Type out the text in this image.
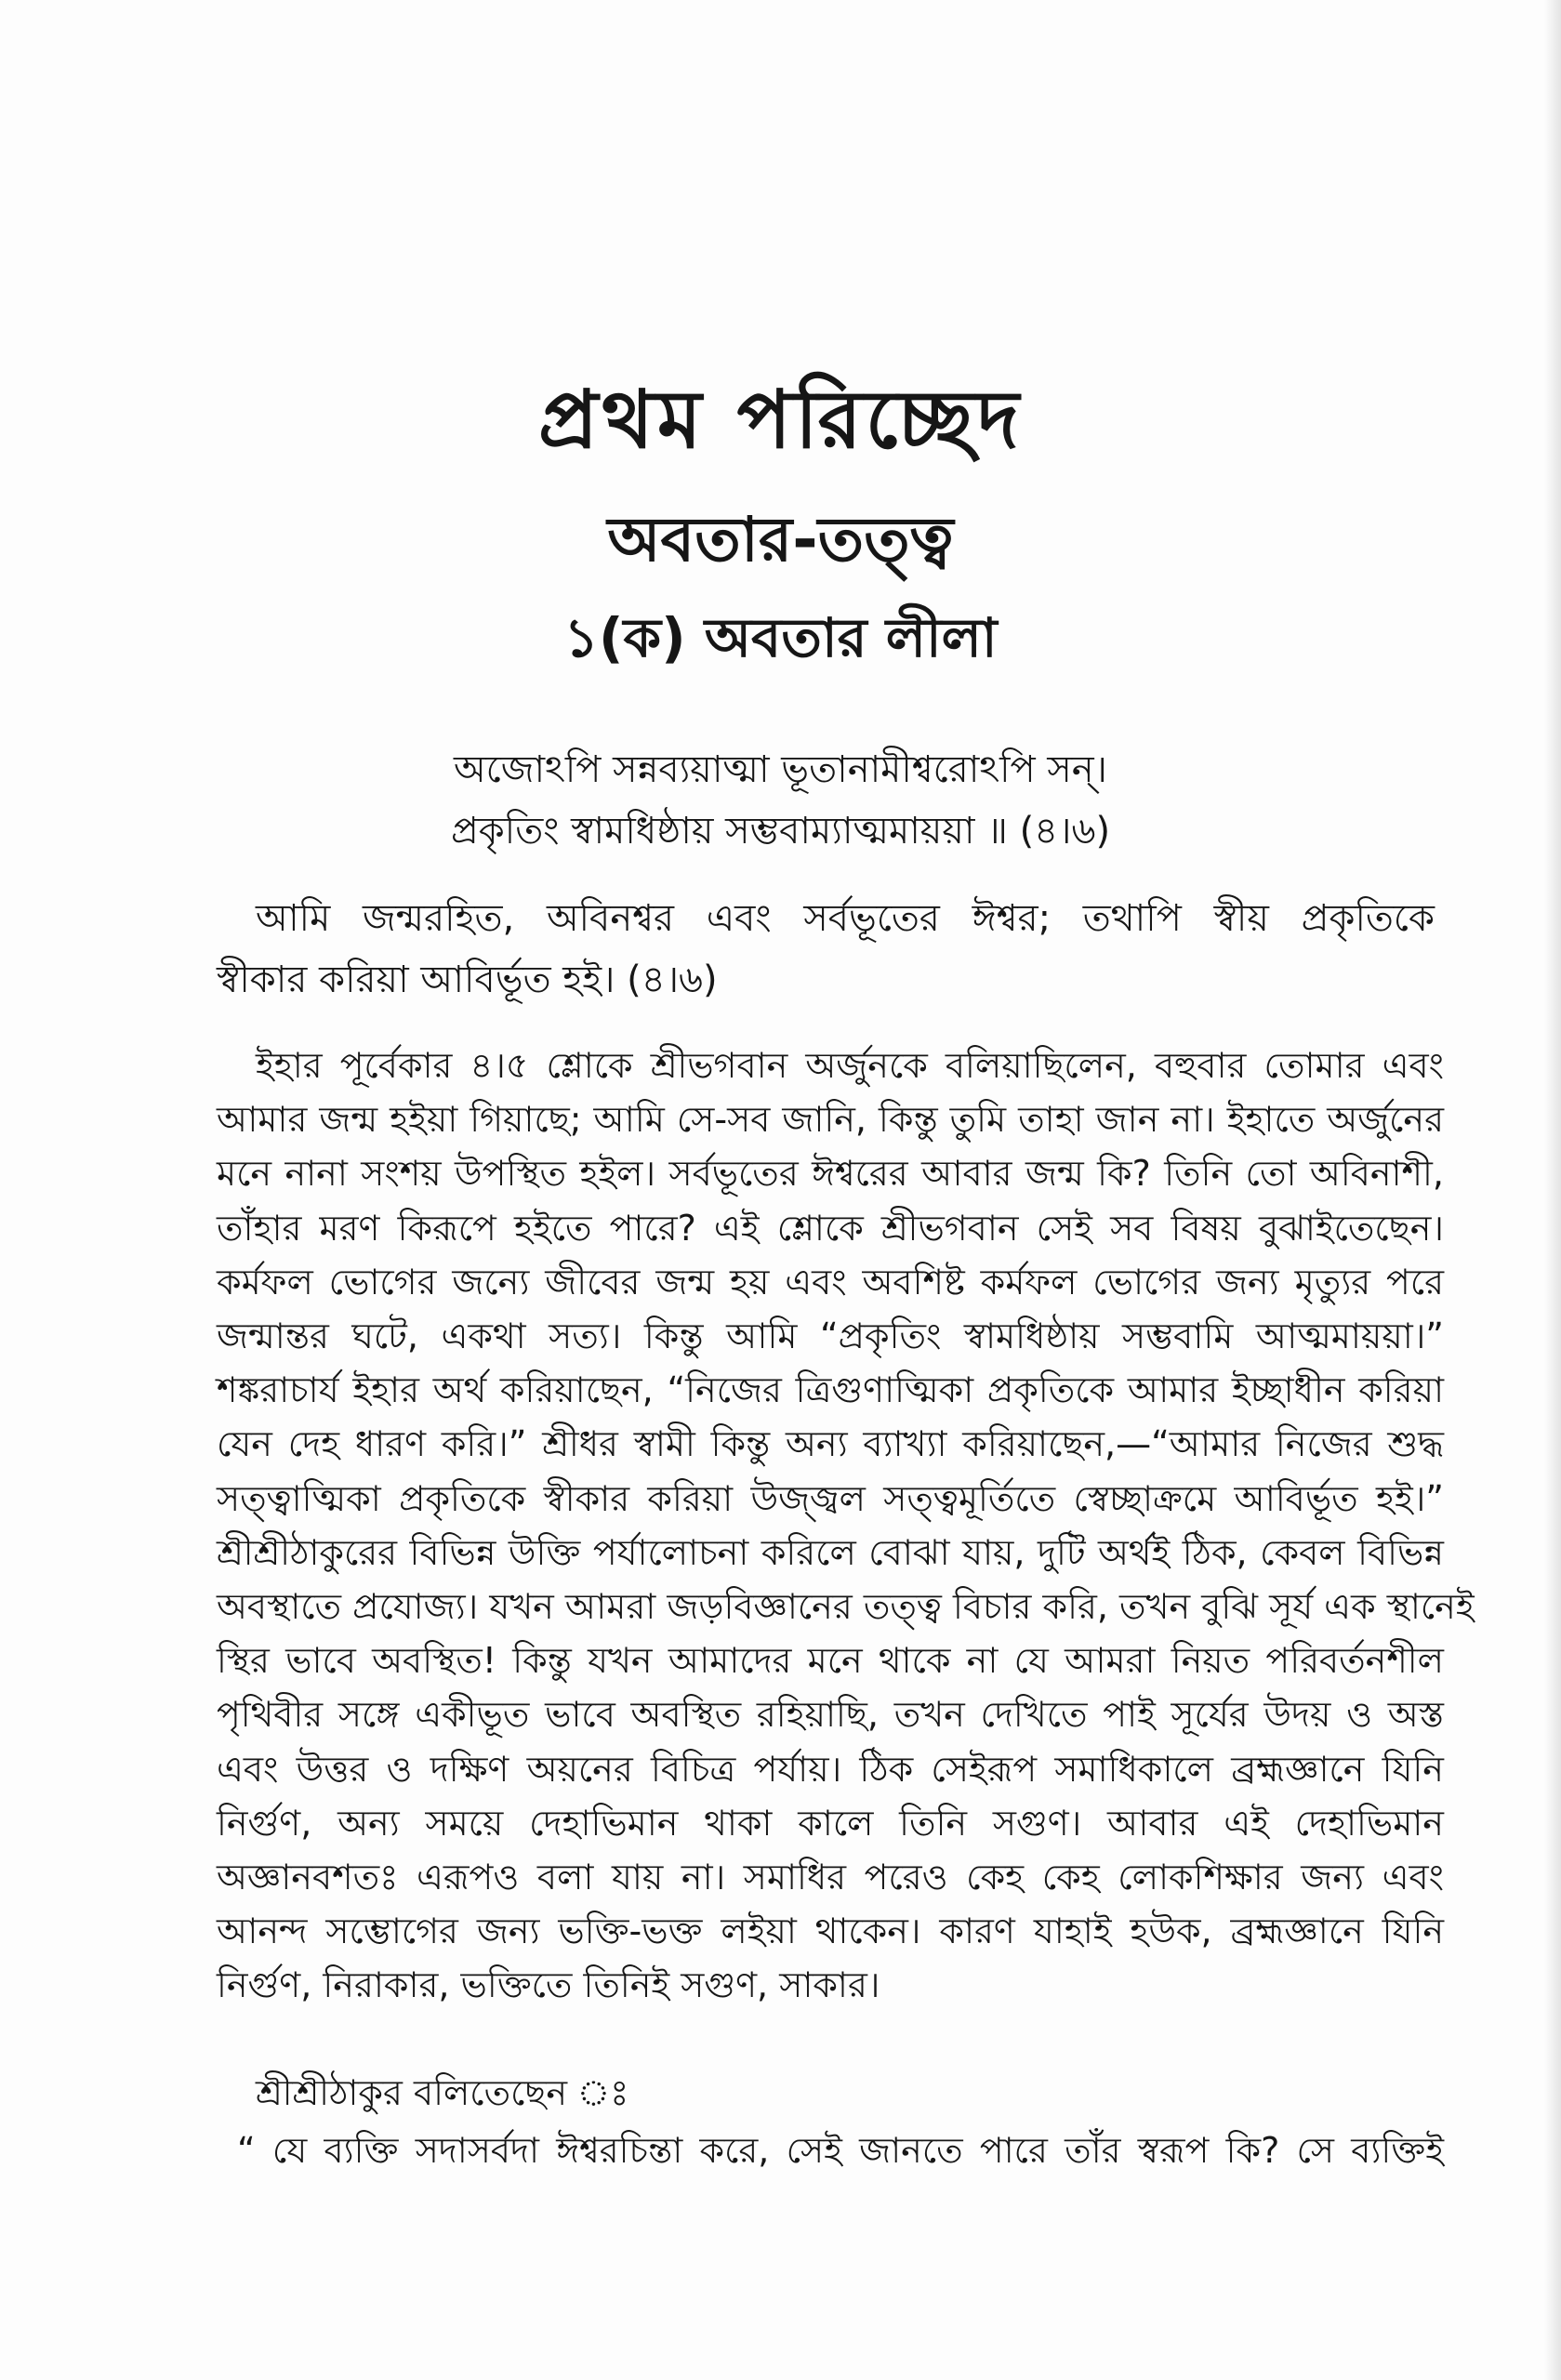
প্রথম পরিচ্ছেদ
অবতার-তত্ত্ব
১(ক) অবতার লীলা
অজোঽপি সন্নব্যয়াত্মা ভূতানামীশ্বরোঽপি সন্।
প্রকৃতিং স্বামধিষ্ঠায় সম্ভবাম্যাত্মমায়য়া ॥ (৪।৬)
আমি জন্মরহিত, অবিনশ্বর এবং সর্বভূতের ঈশ্বর; তথাপি স্বীয় প্রকৃতিকে
স্বীকার করিয়া আবির্ভূত হই। (৪।৬)
ইহার পূর্বেকার ৪।৫ শ্লোকে শ্রীভগবান অর্জুনকে বলিয়াছিলেন, বহুবার তোমার এবং
আমার জন্ম হইয়া গিয়াছে; আমি সে-সব জানি, কিন্তু তুমি তাহা জান না। ইহাতে অর্জুনের
মনে নানা সংশয় উপস্থিত হইল। সর্বভূতের ঈশ্বরের আবার জন্ম কি? তিনি তো অবিনাশী,
তাঁহার মরণ কিরূপে হইতে পারে? এই শ্লোকে শ্রীভগবান সেই সব বিষয় বুঝাইতেছেন।
কর্মফল ভোগের জন্যে জীবের জন্ম হয় এবং অবশিষ্ট কর্মফল ভোগের জন্য মৃত্যুর পরে
জন্মান্তর ঘটে, একথা সত্য। কিন্তু আমি “প্রকৃতিং স্বামধিষ্ঠায় সম্ভবামি আত্মমায়য়া।”
শঙ্করাচার্য ইহার অর্থ করিয়াছেন, “নিজের ত্রিগুণাত্মিকা প্রকৃতিকে আমার ইচ্ছাধীন করিয়া
যেন দেহ ধারণ করি।” শ্রীধর স্বামী কিন্তু অন্য ব্যাখ্যা করিয়াছেন,—“আমার নিজের শুদ্ধ
সত্ত্বাত্মিকা প্রকৃতিকে স্বীকার করিয়া উজ্জ্বল সত্ত্বমূর্তিতে স্বেচ্ছাক্রমে আবির্ভূত হই।”
শ্রীশ্রীঠাকুরের বিভিন্ন উক্তি পর্যালোচনা করিলে বোঝা যায়, দুটি অর্থই ঠিক, কেবল বিভিন্ন
অবস্থাতে প্রযোজ্য। যখন আমরা জড়বিজ্ঞানের তত্ত্ব বিচার করি, তখন বুঝি সূর্য এক স্থানেই
স্থির ভাবে অবস্থিত! কিন্তু যখন আমাদের মনে থাকে না যে আমরা নিয়ত পরিবর্তনশীল
পৃথিবীর সঙ্গে একীভূত ভাবে অবস্থিত রহিয়াছি, তখন দেখিতে পাই সূর্যের উদয় ও অস্ত
এবং উত্তর ও দক্ষিণ অয়নের বিচিত্র পর্যায়। ঠিক সেইরূপ সমাধিকালে ব্রহ্মজ্ঞানে যিনি
নির্গুণ, অন্য সময়ে দেহাভিমান থাকা কালে তিনি সগুণ। আবার এই দেহাভিমান
অজ্ঞানবশতঃ এরূপও বলা যায় না। সমাধির পরেও কেহ কেহ লোকশিক্ষার জন্য এবং
আনন্দ সম্ভোগের জন্য ভক্তি-ভক্ত লইয়া থাকেন। কারণ যাহাই হউক, ব্রহ্মজ্ঞানে যিনি
নির্গুণ, নিরাকার, ভক্তিতে তিনিই সগুণ, সাকার।
শ্রীশ্রীঠাকুর বলিতেছেন ঃ
“ যে ব্যক্তি সদাসর্বদা ঈশ্বরচিন্তা করে, সেই জানতে পারে তাঁর স্বরূপ কি? সে ব্যক্তিই
